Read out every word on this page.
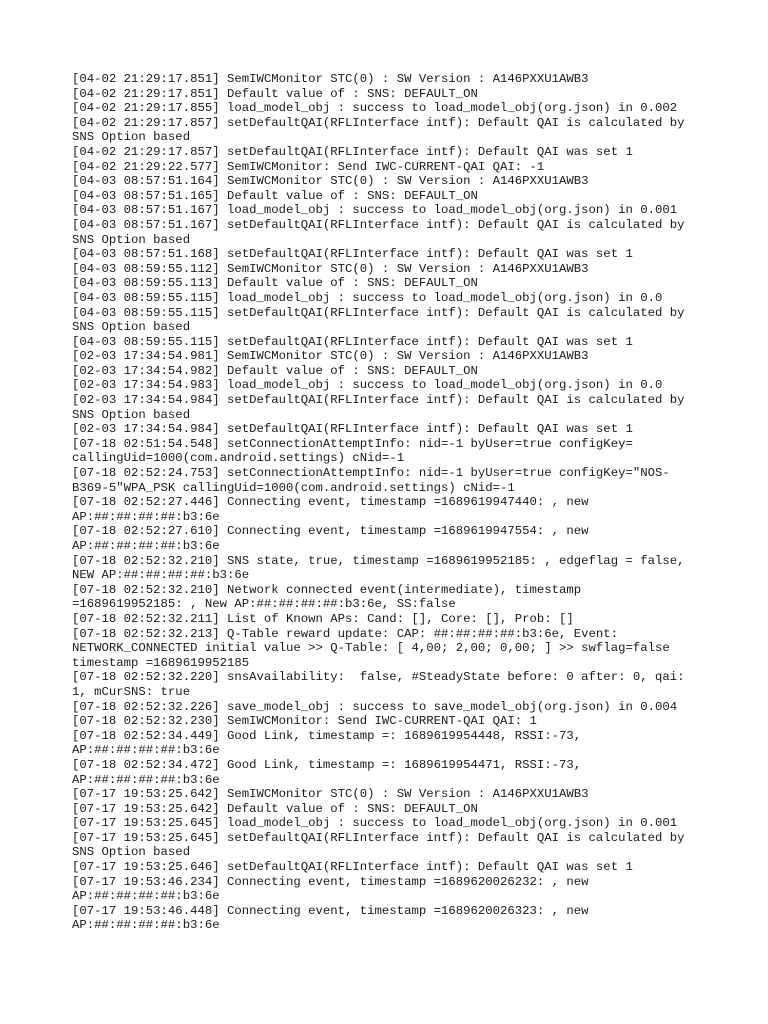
[04-02 21:29:17.851] SemIWCMonitor STC(0) : SW Version : A146PXXU1AWB3
[04-02 21:29:17.851] Default value of : SNS: DEFAULT_ON
[04-02 21:29:17.855] load_model_obj : success to load_model_obj(org.json) in 0.002
[04-02 21:29:17.857] setDefaultQAI(RFLInterface intf): Default QAI is calculated by
SNS Option based
[04-02 21:29:17.857] setDefaultQAI(RFLInterface intf): Default QAI was set 1
[04-02 21:29:22.577] SemIWCMonitor: Send IWC-CURRENT-QAI QAI: -1
[04-03 08:57:51.164] SemIWCMonitor STC(0) : SW Version : A146PXXU1AWB3
[04-03 08:57:51.165] Default value of : SNS: DEFAULT_ON
[04-03 08:57:51.167] load_model_obj : success to load_model_obj(org.json) in 0.001
[04-03 08:57:51.167] setDefaultQAI(RFLInterface intf): Default QAI is calculated by
SNS Option based
[04-03 08:57:51.168] setDefaultQAI(RFLInterface intf): Default QAI was set 1
[04-03 08:59:55.112] SemIWCMonitor STC(0) : SW Version : A146PXXU1AWB3
[04-03 08:59:55.113] Default value of : SNS: DEFAULT_ON
[04-03 08:59:55.115] load_model_obj : success to load_model_obj(org.json) in 0.0
[04-03 08:59:55.115] setDefaultQAI(RFLInterface intf): Default QAI is calculated by
SNS Option based
[04-03 08:59:55.115] setDefaultQAI(RFLInterface intf): Default QAI was set 1
[02-03 17:34:54.981] SemIWCMonitor STC(0) : SW Version : A146PXXU1AWB3
[02-03 17:34:54.982] Default value of : SNS: DEFAULT_ON
[02-03 17:34:54.983] load_model_obj : success to load_model_obj(org.json) in 0.0
[02-03 17:34:54.984] setDefaultQAI(RFLInterface intf): Default QAI is calculated by
SNS Option based
[02-03 17:34:54.984] setDefaultQAI(RFLInterface intf): Default QAI was set 1
[07-18 02:51:54.548] setConnectionAttemptInfo: nid=-1 byUser=true configKey=
callingUid=1000(com.android.settings) cNid=-1
[07-18 02:52:24.753] setConnectionAttemptInfo: nid=-1 byUser=true configKey="NOS-
B369-5"WPA_PSK callingUid=1000(com.android.settings) cNid=-1
[07-18 02:52:27.446] Connecting event, timestamp =1689619947440: , new
AP:##:##:##:##:b3:6e
[07-18 02:52:27.610] Connecting event, timestamp =1689619947554: , new
AP:##:##:##:##:b3:6e
[07-18 02:52:32.210] SNS state, true, timestamp =1689619952185: , edgeflag = false,
NEW AP:##:##:##:##:b3:6e
[07-18 02:52:32.210] Network connected event(intermediate), timestamp
=1689619952185: , New AP:##:##:##:##:b3:6e, SS:false
[07-18 02:52:32.211] List of Known APs: Cand: [], Core: [], Prob: []
[07-18 02:52:32.213] Q-Table reward update: CAP: ##:##:##:##:b3:6e, Event:
NETWORK_CONNECTED initial value >> Q-Table: [ 4,00; 2,00; 0,00; ] >> swflag=false
timestamp =1689619952185
[07-18 02:52:32.220] snsAvailability:  false, #SteadyState before: 0 after: 0, qai:
1, mCurSNS: true
[07-18 02:52:32.226] save_model_obj : success to save_model_obj(org.json) in 0.004
[07-18 02:52:32.230] SemIWCMonitor: Send IWC-CURRENT-QAI QAI: 1
[07-18 02:52:34.449] Good Link, timestamp =: 1689619954448, RSSI:-73,
AP:##:##:##:##:b3:6e
[07-18 02:52:34.472] Good Link, timestamp =: 1689619954471, RSSI:-73,
AP:##:##:##:##:b3:6e
[07-17 19:53:25.642] SemIWCMonitor STC(0) : SW Version : A146PXXU1AWB3
[07-17 19:53:25.642] Default value of : SNS: DEFAULT_ON
[07-17 19:53:25.645] load_model_obj : success to load_model_obj(org.json) in 0.001
[07-17 19:53:25.645] setDefaultQAI(RFLInterface intf): Default QAI is calculated by
SNS Option based
[07-17 19:53:25.646] setDefaultQAI(RFLInterface intf): Default QAI was set 1
[07-17 19:53:46.234] Connecting event, timestamp =1689620026232: , new
AP:##:##:##:##:b3:6e
[07-17 19:53:46.448] Connecting event, timestamp =1689620026323: , new
AP:##:##:##:##:b3:6e
